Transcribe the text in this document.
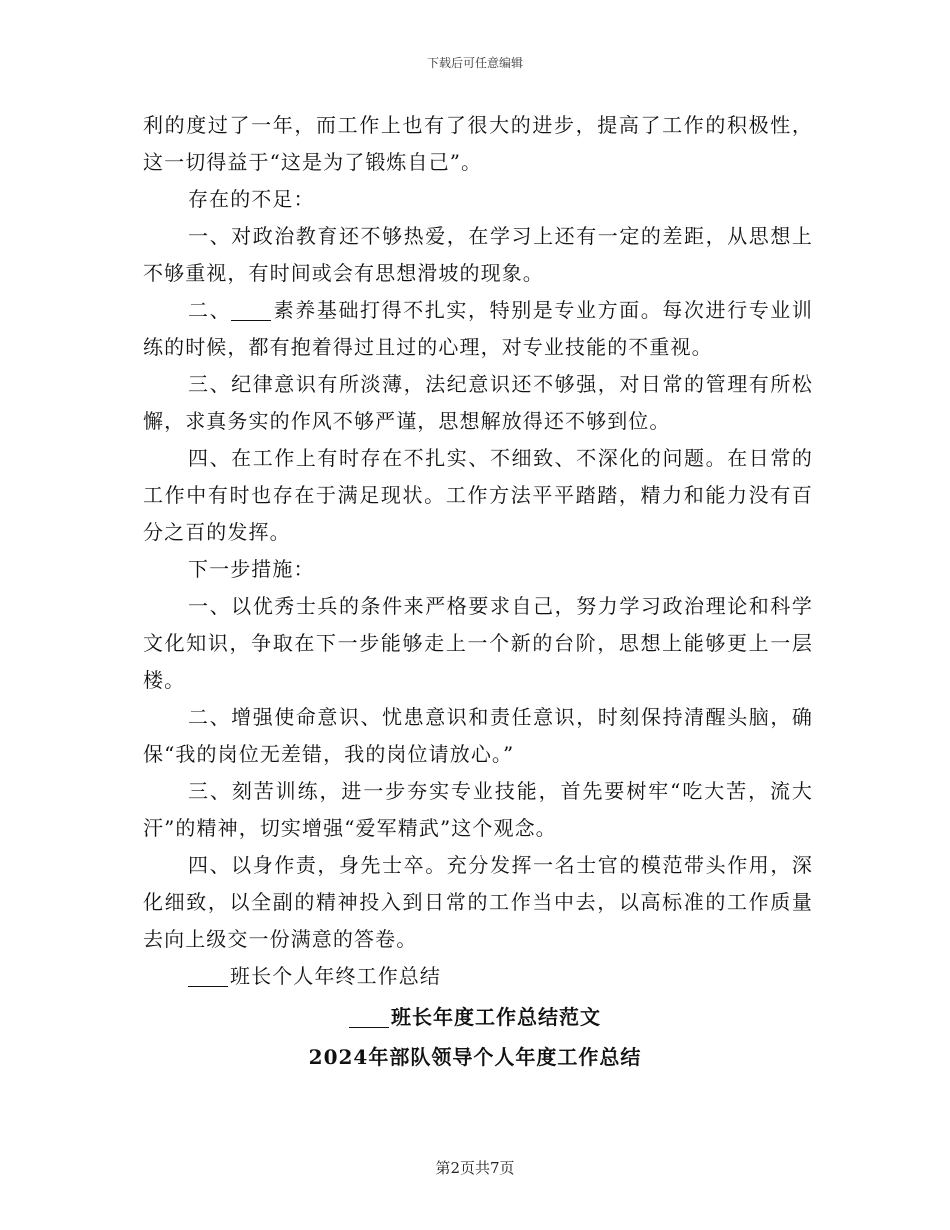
下载后可任意编辑

利的度过了一年，而工作上也有了很大的进步，提高了工作的积极性，这一切得益于“这是为了锻炼自己”。

存在的不足：

一、对政治教育还不够热爱，在学习上还有一定的差距，从思想上不够重视，有时间或会有思想滑坡的现象。

二、 素养基础打得不扎实，特别是专业方面。每次进行专业训练的时候，都有抱着得过且过的心理，对专业技能的不重视。

三、纪律意识有所淡薄，法纪意识还不够强，对日常的管理有所松懈，求真务实的作风不够严谨，思想解放得还不够到位。

四、在工作上有时存在不扎实、不细致、不深化的问题。在日常的工作中有时也存在于满足现状。工作方法平平踏踏，精力和能力没有百分之百的发挥。

下一步措施：

一、以优秀士兵的条件来严格要求自己，努力学习政治理论和科学文化知识，争取在下一步能够走上一个新的台阶，思想上能够更上一层楼。

二、增强使命意识、忧患意识和责任意识，时刻保持清醒头脑，确保“我的岗位无差错，我的岗位请放心。”

三、刻苦训练，进一步夯实专业技能，首先要树牢“吃大苦，流大汗”的精神，切实增强“爱军精武”这个观念。

四、以身作责，身先士卒。充分发挥一名士官的模范带头作用，深化细致，以全副的精神投入到日常的工作当中去，以高标准的工作质量去向上级交一份满意的答卷。

班长个人年终工作总结

班长年度工作总结范文
2024年部队领导个人年度工作总结
第2页共7页
